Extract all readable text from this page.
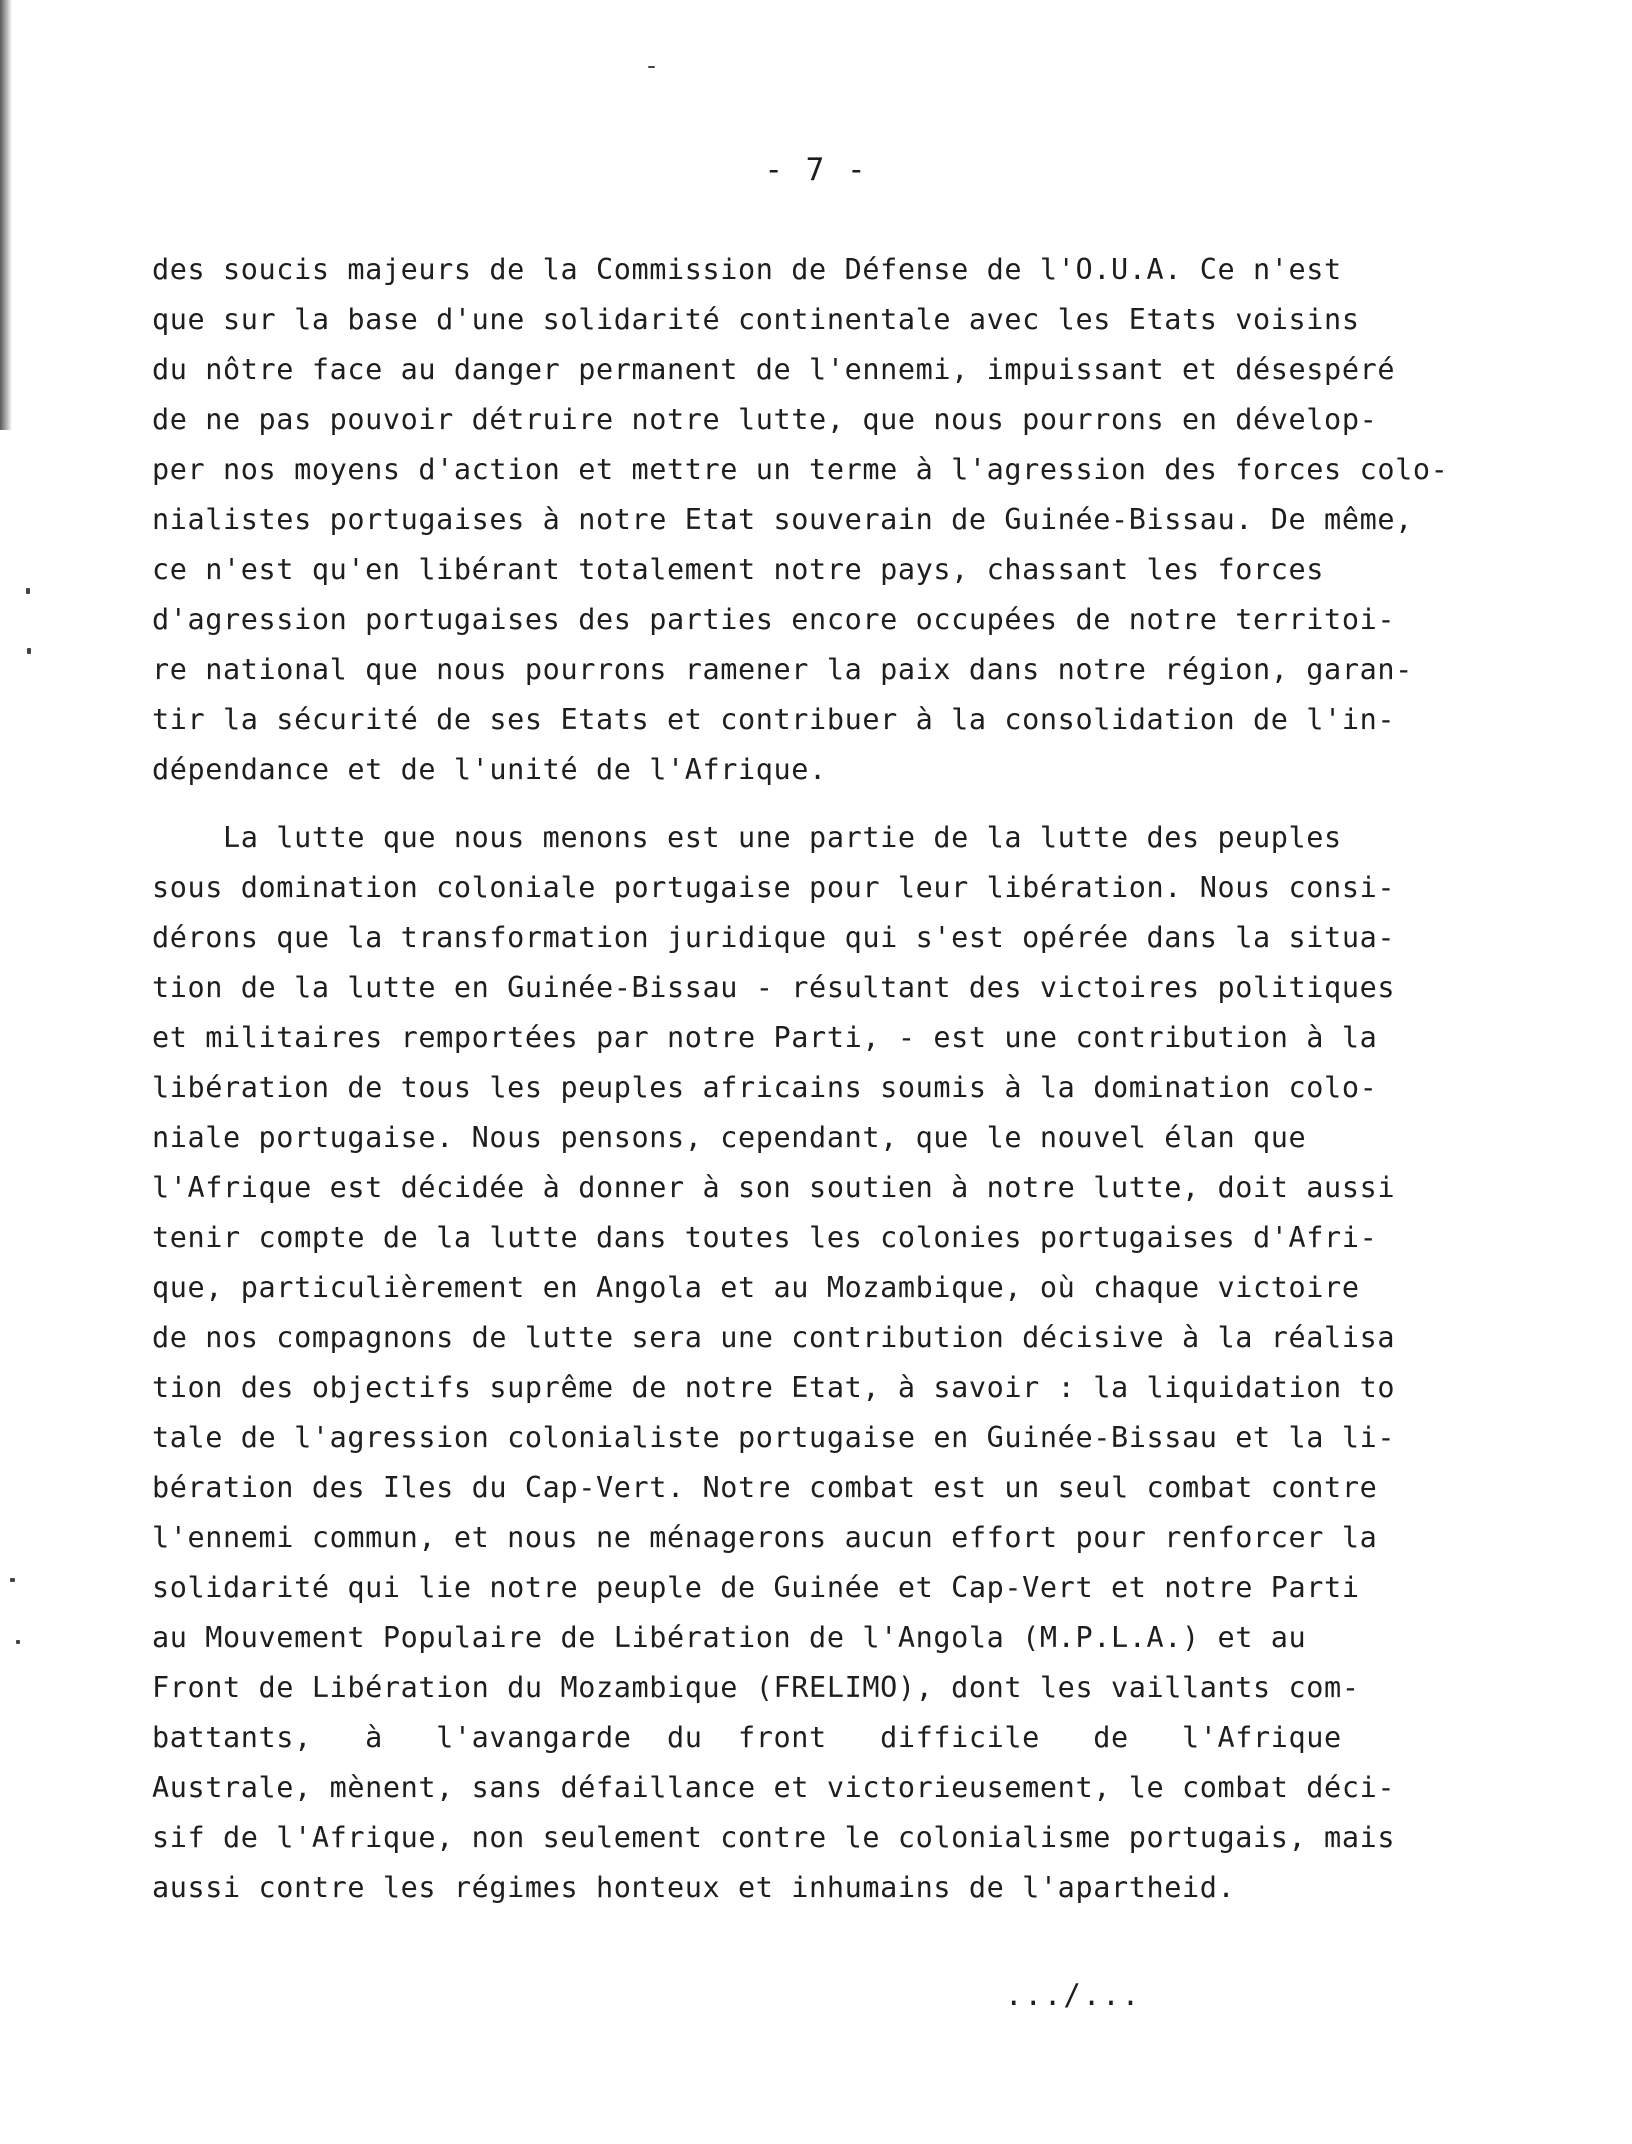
- 7 -
des soucis majeurs de la Commission de Défense de l'O.U.A. Ce n'est
que sur la base d'une solidarité continentale avec les Etats voisins
du nôtre face au danger permanent de l'ennemi, impuissant et désespéré
de ne pas pouvoir détruire notre lutte, que nous pourrons en dévelop-
per nos moyens d'action et mettre un terme à l'agression des forces colo-
nialistes portugaises à notre Etat souverain de Guinée-Bissau. De même,
ce n'est qu'en libérant totalement notre pays, chassant les forces
d'agression portugaises des parties encore occupées de notre territoi-
re national que nous pourrons ramener la paix dans notre région, garan-
tir la sécurité de ses Etats et contribuer à la consolidation de l'in-
dépendance et de l'unité de l'Afrique.
La lutte que nous menons est une partie de la lutte des peuples
sous domination coloniale portugaise pour leur libération. Nous consi-
dérons que la transformation juridique qui s'est opérée dans la situa-
tion de la lutte en Guinée-Bissau - résultant des victoires politiques
et militaires remportées par notre Parti, - est une contribution à la
libération de tous les peuples africains soumis à la domination colo-
niale portugaise. Nous pensons, cependant, que le nouvel élan que
l'Afrique est décidée à donner à son soutien à notre lutte, doit aussi
tenir compte de la lutte dans toutes les colonies portugaises d'Afri-
que, particulièrement en Angola et au Mozambique, où chaque victoire
de nos compagnons de lutte sera une contribution décisive à la réalisa
tion des objectifs suprême de notre Etat, à savoir : la liquidation to
tale de l'agression colonialiste portugaise en Guinée-Bissau et la li-
bération des Iles du Cap-Vert. Notre combat est un seul combat contre
l'ennemi commun, et nous ne ménagerons aucun effort pour renforcer la
solidarité qui lie notre peuple de Guinée et Cap-Vert et notre Parti
au Mouvement Populaire de Libération de l'Angola (M.P.L.A.) et au
Front de Libération du Mozambique (FRELIMO), dont les vaillants com-
battants,   à   l'avangarde  du  front   difficile   de   l'Afrique
Australe, mènent, sans défaillance et victorieusement, le combat déci-
sif de l'Afrique, non seulement contre le colonialisme portugais, mais
aussi contre les régimes honteux et inhumains de l'apartheid.
.../...
